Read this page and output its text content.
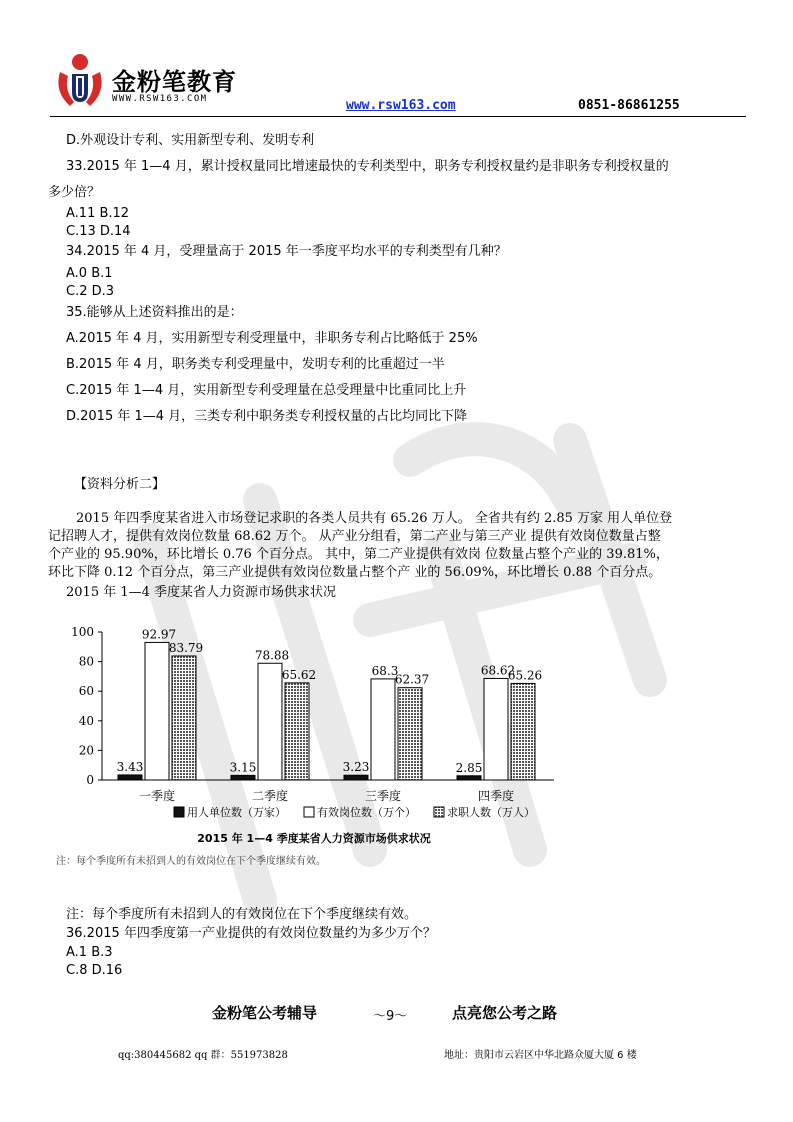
金粉笔教育
WWW.RSW163.COM	www.rsw163.com	0851-86861255
D.外观设计专利、实用新型专利、发明专利
33.2015 年 1—4 月，累计授权量同比增速最快的专利类型中，职务专利授权量约是非职务专利授权量的
多少倍？
A.11 B.12
C.13 D.14
34.2015 年 4 月，受理量高于 2015 年一季度平均水平的专利类型有几种？
A.0 B.1
C.2 D.3
35.能够从上述资料推出的是：
A.2015 年 4 月，实用新型专利受理量中，非职务专利占比略低于 25%
B.2015 年 4 月，职务类专利受理量中，发明专利的比重超过一半
C.2015 年 1—4 月，实用新型专利受理量在总受理量中比重同比上升
D.2015 年 1—4 月，三类专利中职务类专利授权量的占比均同比下降
【资料分析二】
2015 年四季度某省进入市场登记求职的各类人员共有 65.26 万人。 全省共有约 2.85 万家 用人单位登
记招聘人才，提供有效岗位数量 68.62 万个。 从产业分组看，第二产业与第三产业 提供有效岗位数量占整
个产业的 95.90%，环比增长 0.76 个百分点。 其中，第二产业提供有效岗 位数量占整个产业的 39.81%，
环比下降 0.12 个百分点，第三产业提供有效岗位数量占整个产 业的 56.09%，环比增长 0.88 个百分点。
2015 年 1—4 季度某省人力资源市场供求状况
0
20
40
60
80
100
3.43
92.97
83.79
一季度
3.15
78.88
65.62
二季度
3.23
68.3
62.37
三季度
2.85
68.62
65.26
四季度
用人单位数（万家）	有效岗位数（万个）	求职人数（万人）
2015 年 1—4 季度某省人力资源市场供求状况
注：每个季度所有未招到人的有效岗位在下个季度继续有效。
注：每个季度所有未招到人的有效岗位在下个季度继续有效。
36.2015 年四季度第一产业提供的有效岗位数量约为多少万个？
A.1 B.3
C.8 D.16
金粉笔公考辅导	～9～	点亮您公考之路
qq:380445682 qq 群：551973828	地址：贵阳市云岩区中华北路众厦大厦 6 楼
